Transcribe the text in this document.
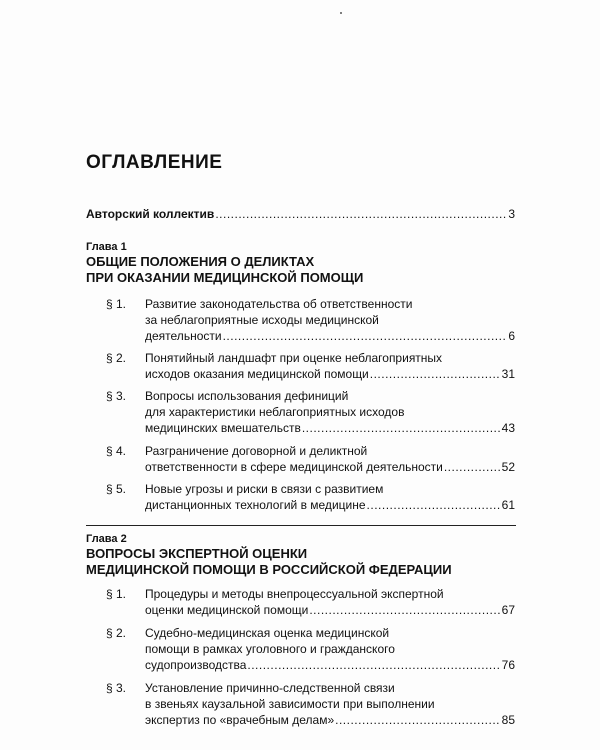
ОГЛАВЛЕНИЕ
Авторский коллектив .....	3
Глава 1
ОБЩИЕ ПОЛОЖЕНИЯ О ДЕЛИКТАХ
ПРИ ОКАЗАНИИ МЕДИЦИНСКОЙ ПОМОЩИ
§ 1. Развитие законодательства об ответственности
за неблагоприятные исходы медицинской
деятельности .....	6
§ 2. Понятийный ландшафт при оценке неблагоприятных
исходов оказания медицинской помощи .....	31
§ 3. Вопросы использования дефиниций
для характеристики неблагоприятных исходов
медицинских вмешательств .....	43
§ 4. Разграничение договорной и деликтной
ответственности в сфере медицинской деятельности .....	52
§ 5. Новые угрозы и риски в связи с развитием
дистанционных технологий в медицине .....	61
Глава 2
ВОПРОСЫ ЭКСПЕРТНОЙ ОЦЕНКИ
МЕДИЦИНСКОЙ ПОМОЩИ В РОССИЙСКОЙ ФЕДЕРАЦИИ
§ 1. Процедуры и методы внепроцессуальной экспертной
оценки медицинской помощи .....	67
§ 2. Судебно-медицинская оценка медицинской
помощи в рамках уголовного и гражданского
судопроизводства .....	76
§ 3. Установление причинно-следственной связи
в звеньях каузальной зависимости при выполнении
экспертиз по «врачебным делам» .....	85
